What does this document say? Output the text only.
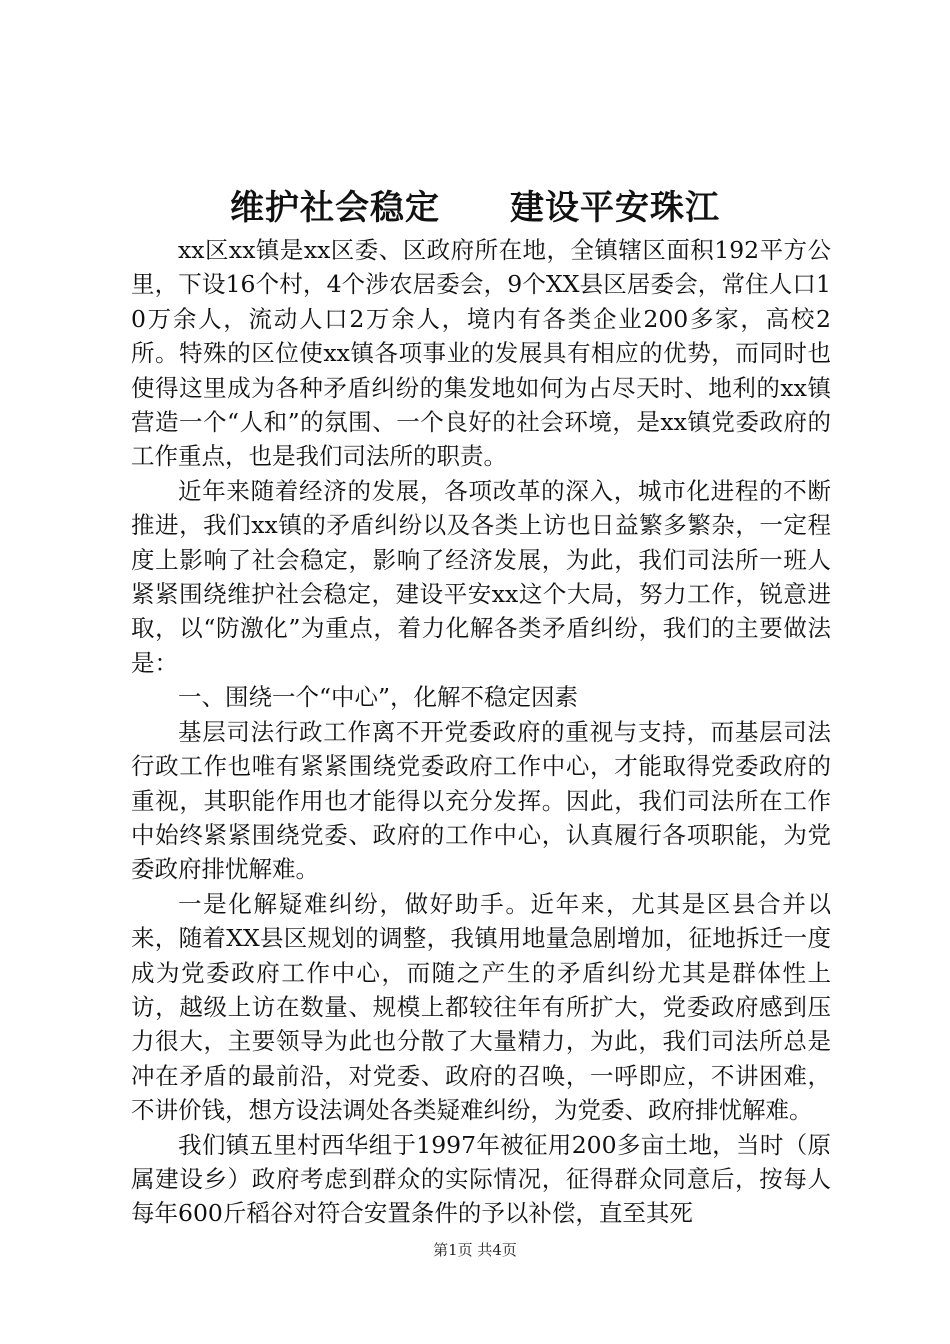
维护社会稳定　　建设平安珠江

xx区xx镇是xx区委、区政府所在地，全镇辖区面积192平方公里，下设16个村，4个涉农居委会，9个XX县区居委会，常住人口10万余人，流动人口2万余人，境内有各类企业200多家，高校2所。特殊的区位使xx镇各项事业的发展具有相应的优势，而同时也使得这里成为各种矛盾纠纷的集发地如何为占尽天时、地利的xx镇营造一个“人和”的氛围、一个良好的社会环境，是xx镇党委政府的工作重点，也是我们司法所的职责。

近年来随着经济的发展，各项改革的深入，城市化进程的不断推进，我们xx镇的矛盾纠纷以及各类上访也日益繁多繁杂，一定程度上影响了社会稳定，影响了经济发展，为此，我们司法所一班人紧紧围绕维护社会稳定，建设平安xx这个大局，努力工作，锐意进取，以“防激化”为重点，着力化解各类矛盾纠纷，我们的主要做法是：

一、围绕一个“中心”，化解不稳定因素

基层司法行政工作离不开党委政府的重视与支持，而基层司法行政工作也唯有紧紧围绕党委政府工作中心，才能取得党委政府的重视，其职能作用也才能得以充分发挥。因此，我们司法所在工作中始终紧紧围绕党委、政府的工作中心，认真履行各项职能，为党委政府排忧解难。

一是化解疑难纠纷，做好助手。近年来，尤其是区县合并以来，随着XX县区规划的调整，我镇用地量急剧增加，征地拆迁一度成为党委政府工作中心，而随之产生的矛盾纠纷尤其是群体性上访，越级上访在数量、规模上都较往年有所扩大，党委政府感到压力很大，主要领导为此也分散了大量精力，为此，我们司法所总是冲在矛盾的最前沿，对党委、政府的召唤，一呼即应，不讲困难，不讲价钱，想方设法调处各类疑难纠纷，为党委、政府排忧解难。

我们镇五里村西华组于1997年被征用200多亩土地，当时（原属建设乡）政府考虑到群众的实际情况，征得群众同意后，按每人每年600斤稻谷对符合安置条件的予以补偿，直至其死

第1页 共4页
